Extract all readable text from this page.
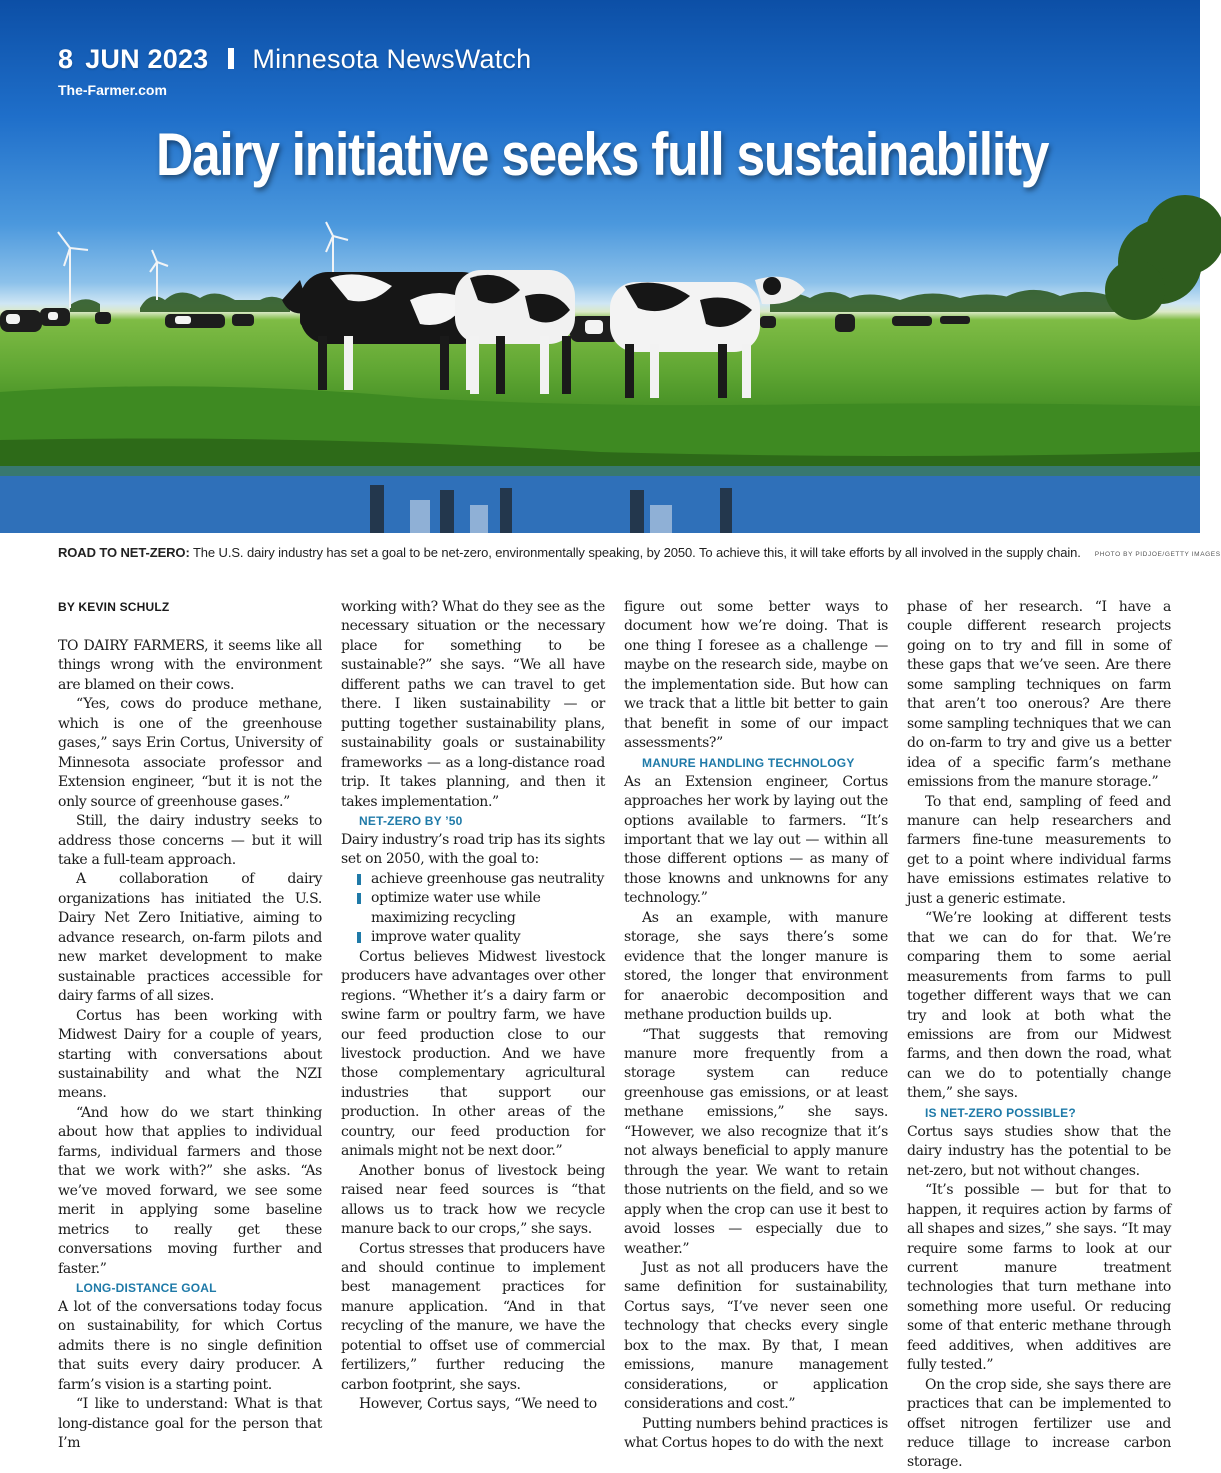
8 JUN 2023 Minnesota NewsWatch
The-Farmer.com
Dairy initiative seeks full sustainability
ROAD TO NET-ZERO: The U.S. dairy industry has set a goal to be net-zero, environmentally speaking, by 2050. To achieve this, it will take efforts by all involved in the supply chain. PHOTO BY PIDJOE/GETTY IMAGES
BY KEVIN SCHULZ

TO DAIRY FARMERS, it seems like all things wrong with the environment are blamed on their cows.

“Yes, cows do produce methane, which is one of the greenhouse gases,” says Erin Cortus, University of Minnesota associate professor and Extension engineer, “but it is not the only source of greenhouse gases.”

Still, the dairy industry seeks to address those concerns — but it will take a full-team approach.

A collaboration of dairy organizations has initiated the U.S. Dairy Net Zero Initiative, aiming to advance research, on-farm pilots and new market development to make sustainable practices accessible for dairy farms of all sizes.

Cortus has been working with Midwest Dairy for a couple of years, starting with conversations about sustainability and what the NZI means.

“And how do we start thinking about how that applies to individual farms, individual farmers and those that we work with?” she asks. “As we’ve moved forward, we see some merit in applying some baseline metrics to really get these conversations moving further and faster.”

LONG-DISTANCE GOAL

A lot of the conversations today focus on sustainability, for which Cortus admits there is no single definition that suits every dairy producer. A farm’s vision is a starting point.

“I like to understand: What is that long-distance goal for the person that I’m

working with? What do they see as the necessary situation or the necessary place for something to be sustainable?” she says. “We all have different paths we can travel to get there. I liken sustainability — or putting together sustainability plans, sustainability goals or sustainability frameworks — as a long-distance road trip. It takes planning, and then it takes implementation.”

NET-ZERO BY ’50

Dairy industry’s road trip has its sights set on 2050, with the goal to:

achieve greenhouse gas neutrality
optimize water use while maximizing recycling
improve water quality

Cortus believes Midwest livestock producers have advantages over other regions. “Whether it’s a dairy farm or swine farm or poultry farm, we have our feed production close to our livestock production. And we have those complementary agricultural industries that support our production. In other areas of the country, our feed production for animals might not be next door.”

Another bonus of livestock being raised near feed sources is “that allows us to track how we recycle manure back to our crops,” she says.

Cortus stresses that producers have and should continue to implement best management practices for manure application. “And in that recycling of the manure, we have the potential to offset use of commercial fertilizers,” further reducing the carbon footprint, she says.

However, Cortus says, “We need to

figure out some better ways to document how we’re doing. That is one thing I foresee as a challenge — maybe on the research side, maybe on the implementation side. But how can we track that a little bit better to gain that benefit in some of our impact assessments?”

MANURE HANDLING TECHNOLOGY

As an Extension engineer, Cortus approaches her work by laying out the options available to farmers. “It’s important that we lay out — within all those different options — as many of those knowns and unknowns for any technology.”

As an example, with manure storage, she says there’s some evidence that the longer manure is stored, the longer that environment for anaerobic decomposition and methane production builds up.

“That suggests that removing manure more frequently from a storage system can reduce greenhouse gas emissions, or at least methane emissions,” she says. “However, we also recognize that it’s not always beneficial to apply manure through the year. We want to retain those nutrients on the field, and so we apply when the crop can use it best to avoid losses — especially due to weather.”

Just as not all producers have the same definition for sustainability, Cortus says, “I’ve never seen one technology that checks every single box to the max. By that, I mean emissions, manure management considerations, or application considerations and cost.”

Putting numbers behind practices is what Cortus hopes to do with the next

phase of her research. “I have a couple different research projects going on to try and fill in some of these gaps that we’ve seen. Are there some sampling techniques on farm that aren’t too onerous? Are there some sampling techniques that we can do on-farm to try and give us a better idea of a specific farm’s methane emissions from the manure storage.”

To that end, sampling of feed and manure can help researchers and farmers fine-tune measurements to get to a point where individual farms have emissions estimates relative to just a generic estimate.

“We’re looking at different tests that we can do for that. We’re comparing them to some aerial measurements from farms to pull together different ways that we can try and look at both what the emissions are from our Midwest farms, and then down the road, what can we do to potentially change them,” she says.

IS NET-ZERO POSSIBLE?

Cortus says studies show that the dairy industry has the potential to be net-zero, but not without changes.

“It’s possible — but for that to happen, it requires action by farms of all shapes and sizes,” she says. “It may require some farms to look at our current manure treatment technologies that turn methane into something more useful. Or reducing some of that enteric methane through feed additives, when additives are fully tested.”

On the crop side, she says there are practices that can be implemented to offset nitrogen fertilizer use and reduce tillage to increase carbon storage.
